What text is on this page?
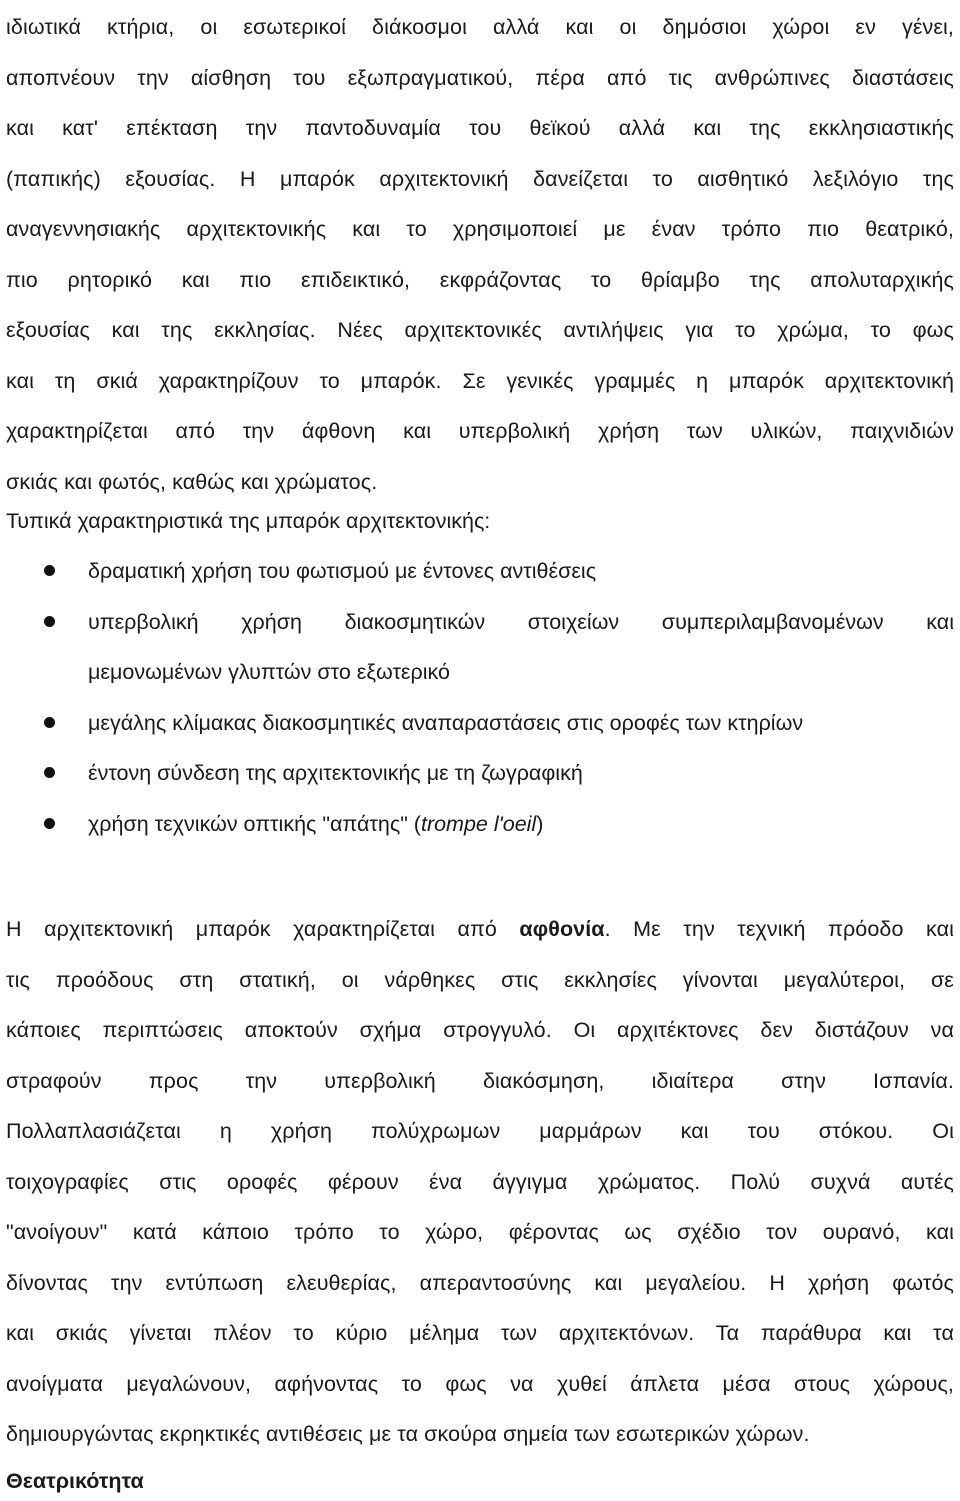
ιδιωτικά κτήρια, οι εσωτερικοί διάκοσμοι αλλά και οι δημόσιοι χώροι εν γένει,
αποπνέουν την αίσθηση του εξωπραγματικού, πέρα από τις ανθρώπινες διαστάσεις
και κατ' επέκταση την παντοδυναμία του θεϊκού αλλά και της εκκλησιαστικής
(παπικής) εξουσίας. Η μπαρόκ αρχιτεκτονική δανείζεται το αισθητικό λεξιλόγιο της
αναγεννησιακής αρχιτεκτονικής και το χρησιμοποιεί με έναν τρόπο πιο θεατρικό,
πιο ρητορικό και πιο επιδεικτικό, εκφράζοντας το θρίαμβο της απολυταρχικής
εξουσίας και της εκκλησίας. Νέες αρχιτεκτονικές αντιλήψεις για το χρώμα, το φως
και τη σκιά χαρακτηρίζουν το μπαρόκ. Σε γενικές γραμμές η μπαρόκ αρχιτεκτονική
χαρακτηρίζεται από την άφθονη και υπερβολική χρήση των υλικών, παιχνιδιών
σκιάς και φωτός, καθώς και χρώματος.

Τυπικά χαρακτηριστικά της μπαρόκ αρχιτεκτονικής:

δραματική χρήση του φωτισμού με έντονες αντιθέσεις
υπερβολική χρήση διακοσμητικών στοιχείων συμπεριλαμβανομένων και
μεμονωμένων γλυπτών στο εξωτερικό
μεγάλης κλίμακας διακοσμητικές αναπαραστάσεις στις οροφές των κτηρίων
έντονη σύνδεση της αρχιτεκτονικής με τη ζωγραφική
χρήση τεχνικών οπτικής "απάτης" (trompe l'oeil)
Η αρχιτεκτονική μπαρόκ χαρακτηρίζεται από αφθονία. Με την τεχνική πρόοδο και
τις προόδους στη στατική, οι νάρθηκες στις εκκλησίες γίνονται μεγαλύτεροι, σε
κάποιες περιπτώσεις αποκτούν σχήμα στρογγυλό. Οι αρχιτέκτονες δεν διστάζουν να
στραφούν προς την υπερβολική διακόσμηση, ιδιαίτερα στην Ισπανία.
Πολλαπλασιάζεται η χρήση πολύχρωμων μαρμάρων και του στόκου. Οι
τοιχογραφίες στις οροφές φέρουν ένα άγγιγμα χρώματος. Πολύ συχνά αυτές
"ανοίγουν" κατά κάποιο τρόπο το χώρο, φέροντας ως σχέδιο τον ουρανό, και
δίνοντας την εντύπωση ελευθερίας, απεραντοσύνης και μεγαλείου. Η χρήση φωτός
και σκιάς γίνεται πλέον το κύριο μέλημα των αρχιτεκτόνων. Τα παράθυρα και τα
ανοίγματα μεγαλώνουν, αφήνοντας το φως να χυθεί άπλετα μέσα στους χώρους,
δημιουργώντας εκρηκτικές αντιθέσεις με τα σκούρα σημεία των εσωτερικών χώρων.
Θεατρικότητα
